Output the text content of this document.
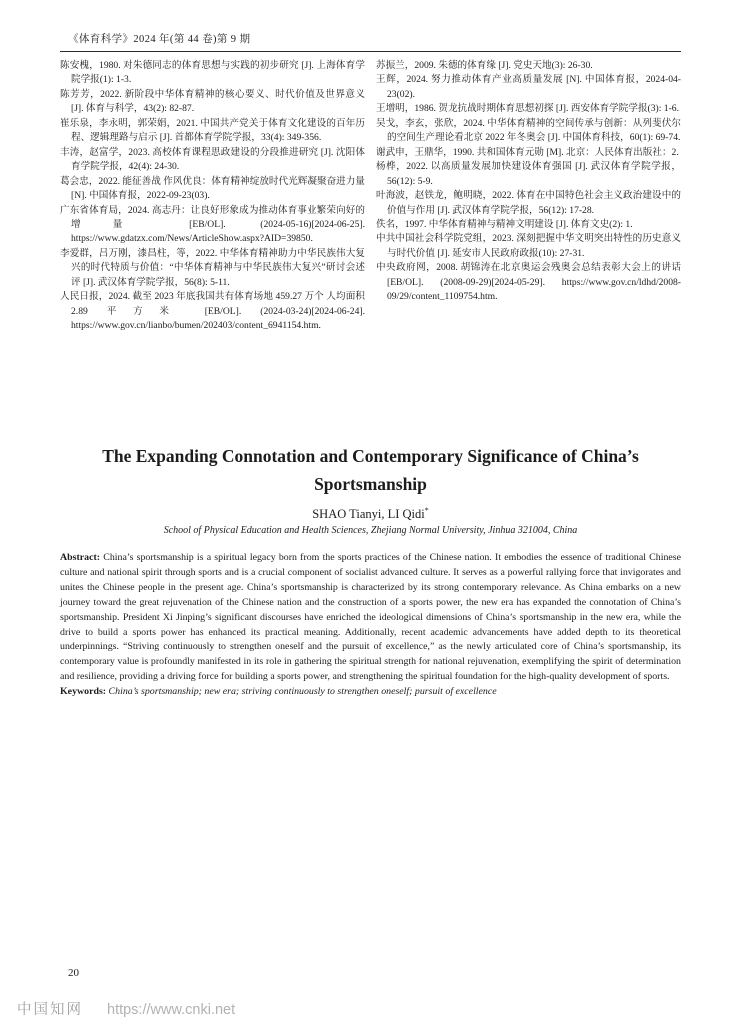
《体育科学》2024 年(第 44 卷)第 9 期

陈安槐，1980. 对朱德同志的体育思想与实践的初步研究 [J]. 上海体育学院学报(1): 1-3.

陈芳芳，2022. 新阶段中华体育精神的核心要义、时代价值及世界意义 [J]. 体育与科学，43(2): 82-87.

崔乐泉，李永明，郭荣娟，2021. 中国共产党关于体育文化建设的百年历程、逻辑理路与启示 [J]. 首都体育学院学报，33(4): 349-356.

丰涛，赵富学，2023. 高校体育课程思政建设的分段推进研究 [J]. 沈阳体育学院学报，42(4): 24-30.

葛会忠，2022. 能征善战 作风优良：体育精神绽放时代光辉凝聚奋进力量 [N]. 中国体育报，2022-09-23(03).

广东省体育局，2024. 高志丹：让良好形象成为推动体育事业繁荣向好的增量 [EB/OL]. (2024-05-16)[2024-06-25]. https://www.gdatzx.com/News/ArticleShow.aspx?AID=39850.

李爱群，吕万刚，漆昌柱，等，2022. 中华体育精神助力中华民族伟大复兴的时代特质与价值：“中华体育精神与中华民族伟大复兴”研讨会述评 [J]. 武汉体育学院学报，56(8): 5-11.

人民日报，2024. 截至 2023 年底我国共有体育场地 459.27 万个 人均面积 2.89 平方米 [EB/OL]. (2024-03-24)[2024-06-24]. https://www.gov.cn/lianbo/bumen/202403/content_6941154.htm.

苏振兰，2009. 朱德的体育缘 [J]. 党史天地(3): 26-30.

王辉，2024. 努力推动体育产业高质量发展 [N]. 中国体育报，2024-04-23(02).

王增明，1986. 贺龙抗战时期体育思想初探 [J]. 西安体育学院学报(3): 1-6.

吴戈，李玄，张欣，2024. 中华体育精神的空间传承与创新：从列斐伏尔的空间生产理论看北京 2022 年冬奥会 [J]. 中国体育科技，60(1): 69-74.

谢武申，王鼎华，1990. 共和国体育元勋 [M]. 北京：人民体育出版社：2.

杨桦，2022. 以高质量发展加快建设体育强国 [J]. 武汉体育学院学报，56(12): 5-9.

叶海波，赵铁龙，鲍明晓，2022. 体育在中国特色社会主义政治建设中的价值与作用 [J]. 武汉体育学院学报，56(12): 17-28.

佚名，1997. 中华体育精神与精神文明建设 [J]. 体育文史(2): 1.

中共中国社会科学院党组，2023. 深刻把握中华文明突出特性的历史意义与时代价值 [J]. 延安市人民政府政报(10): 27-31.

中央政府网，2008. 胡锦涛在北京奥运会残奥会总结表彰大会上的讲话 [EB/OL]. (2008-09-29)[2024-05-29]. https://www.gov.cn/ldhd/2008-09/29/content_1109754.htm.

The Expanding Connotation and Contemporary Significance of China’s Sportsmanship
SHAO Tianyi, LI Qidi*
School of Physical Education and Health Sciences, Zhejiang Normal University, Jinhua 321004, China

Abstract: China’s sportsmanship is a spiritual legacy born from the sports practices of the Chinese nation. It embodies the essence of traditional Chinese culture and national spirit through sports and is a crucial component of socialist advanced culture. It serves as a powerful rallying force that invigorates and unites the Chinese people in the present age. China’s sportsmanship is characterized by its strong contemporary relevance. As China embarks on a new journey toward the great rejuvenation of the Chinese nation and the construction of a sports power, the new era has expanded the connotation of China’s sportsmanship. President Xi Jinping’s significant discourses have enriched the ideological dimensions of China’s sportsmanship in the new era, while the drive to build a sports power has enhanced its practical meaning. Additionally, recent academic advancements have added depth to its theoretical underpinnings. “Striving continuously to strengthen oneself and the pursuit of excellence,” as the newly articulated core of China’s sportsmanship, its contemporary value is profoundly manifested in its role in gathering the spiritual strength for national rejuvenation, exemplifying the spirit of determination and resilience, providing a driving force for building a sports power, and strengthening the spiritual foundation for the high-quality development of sports.

Keywords: China’s sportsmanship; new era; striving continuously to strengthen oneself; pursuit of excellence

20
中国知网 https://www.cnki.net
